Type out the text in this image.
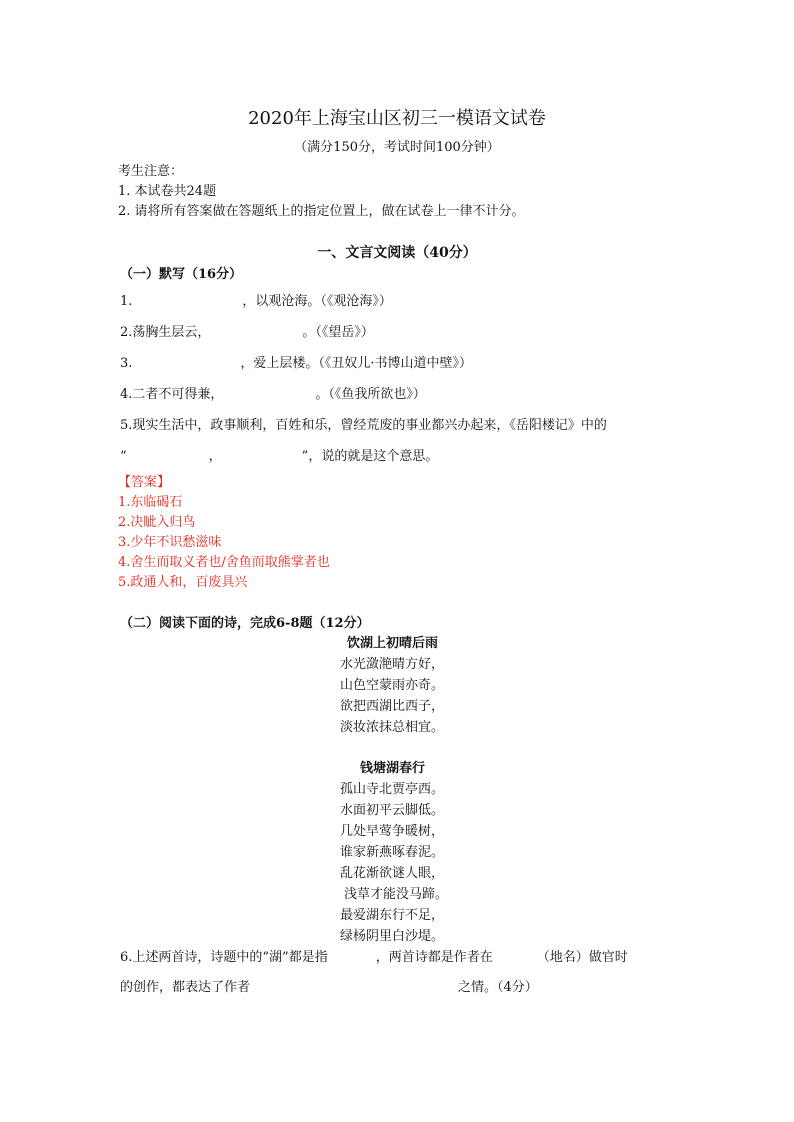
2020年上海宝山区初三一模语文试卷
（满分150分，考试时间100分钟）
考生注意：
1. 本试卷共24题
2. 请将所有答案做在答题纸上的指定位置上，做在试卷上一律不计分。
一、文言文阅读（40分）
（一）默写（16分）
1.	，以观沧海。（《观沧海》）
2.荡胸生层云，	。（《望岳》）
3.	，爱上层楼。（《丑奴儿·书博山道中壁》）
4.二者不可得兼，	。（《鱼我所欲也》）
5.现实生活中，政事顺利，百姓和乐，曾经荒废的事业都兴办起来，《岳阳楼记》中的
“	，	”，说的就是这个意思。
【答案】
1.东临碣石
2.决眦入归鸟
3.少年不识愁滋味
4.舍生而取义者也/舍鱼而取熊掌者也
5.政通人和，百废具兴
（二）阅读下面的诗，完成6-8题（12分）
饮湖上初晴后雨
水光潋滟晴方好，
山色空蒙雨亦奇。
欲把西湖比西子，
淡妆浓抹总相宜。
钱塘湖春行
孤山寺北贾亭西。
水面初平云脚低。
几处早莺争暖树，
谁家新燕啄春泥。
乱花渐欲谜人眼，
浅草才能没马蹄。
最爱湖东行不足，
绿杨阴里白沙堤。
6.上述两首诗，诗题中的“湖”都是指	，两首诗都是作者在	（地名）做官时
的创作，都表达了作者	之情。（4分）
